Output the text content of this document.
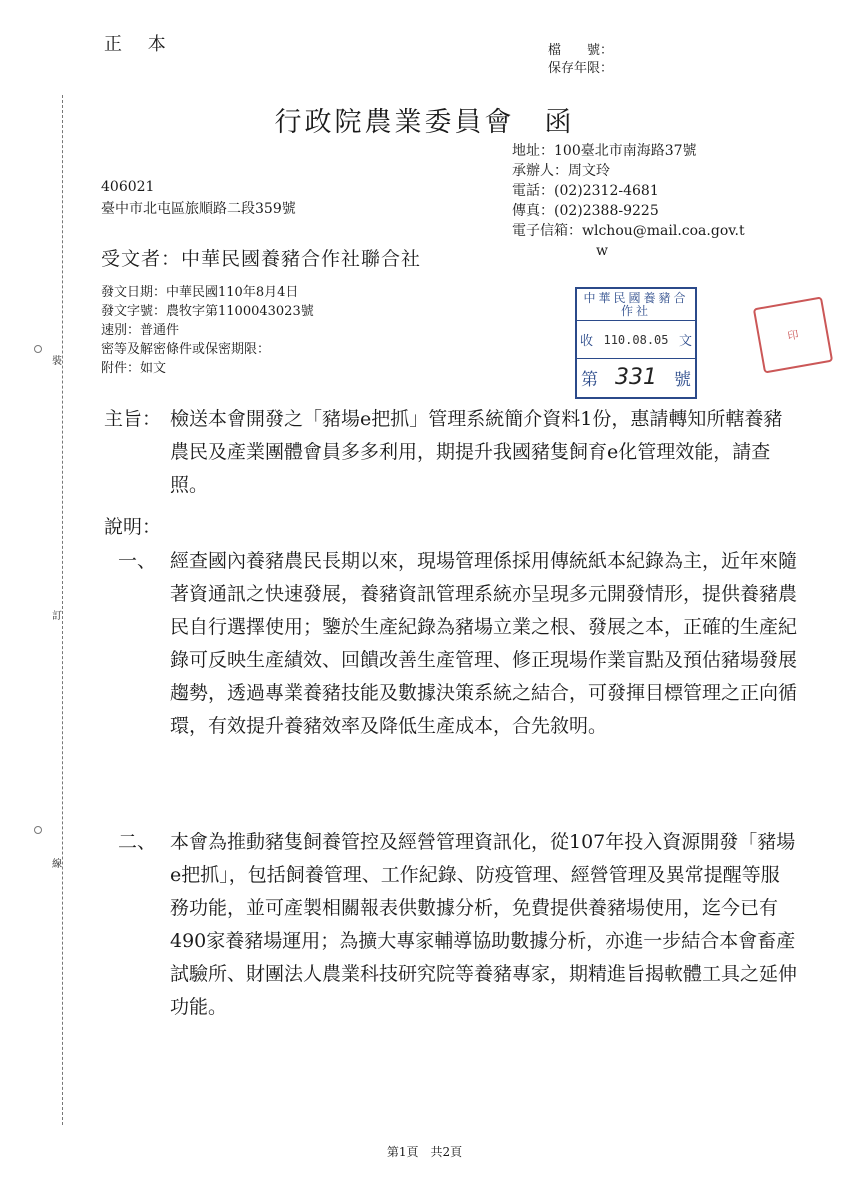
裝
訂
線
正 本	檔　　號：
保存年限：
行政院農業委員會　函
地址：100臺北市南海路37號
承辦人：周文玲
電話：(02)2312-4681
傳真：(02)2388-9225
電子信箱：wlchou@mail.coa.gov.t
w
406021
臺中市北屯區旅順路二段359號
受文者：中華民國養豬合作社聯合社
發文日期：中華民國110年8月4日
發文字號：農牧字第1100043023號
速別：普通件
密等及解密條件或保密期限：
附件：如文
中華民國養豬合作社
收 110.08.05 文
第 331 號
印
主旨： 檢送本會開發之「豬場e把抓」管理系統簡介資料1份，惠請轉知所轄養豬農民及產業團體會員多多利用，期提升我國豬隻飼育e化管理效能，請查照。
說明：
一、 經查國內養豬農民長期以來，現場管理係採用傳統紙本紀錄為主，近年來隨著資通訊之快速發展，養豬資訊管理系統亦呈現多元開發情形，提供養豬農民自行選擇使用；鑒於生產紀錄為豬場立業之根、發展之本，正確的生產紀錄可反映生產績效、回饋改善生產管理、修正現場作業盲點及預估豬場發展趨勢，透過專業養豬技能及數據決策系統之結合，可發揮目標管理之正向循環，有效提升養豬效率及降低生產成本，合先敘明。
二、 本會為推動豬隻飼養管控及經營管理資訊化，從107年投入資源開發「豬場e把抓」，包括飼養管理、工作紀錄、防疫管理、經營管理及異常提醒等服務功能，並可產製相關報表供數據分析，免費提供養豬場使用，迄今已有490家養豬場運用；為擴大專家輔導協助數據分析，亦進一步結合本會畜產試驗所、財團法人農業科技研究院等養豬專家，期精進旨揭軟體工具之延伸功能。
第1頁　共2頁
